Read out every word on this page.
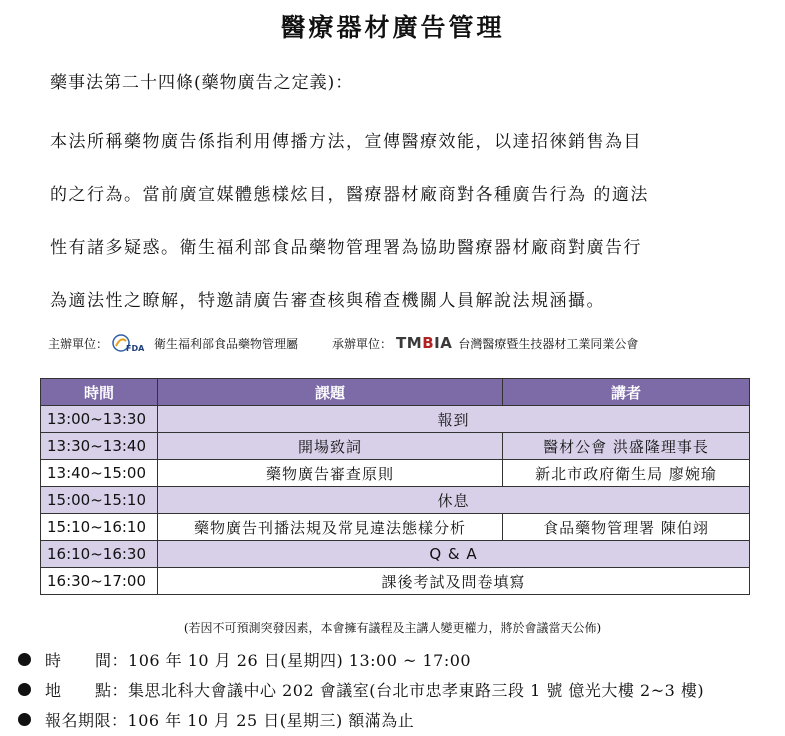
醫療器材廣告管理
藥事法第二十四條(藥物廣告之定義)：
本法所稱藥物廣告係指利用傳播方法，宣傳醫療效能，以達招徠銷售為目
的之行為。當前廣宣媒體態樣炫目，醫療器材廠商對各種廣告行為 的適法
性有諸多疑惑。衛生福利部食品藥物管理署為協助醫療器材廠商對廣告行
為適法性之瞭解，特邀請廣告審查核與稽查機關人員解說法規涵攝。
主辦單位： FDA 衛生福利部食品藥物管理屬	承辦單位： TMBIA 台灣醫療暨生技器材工業同業公會
時間	課題	講者
13:00~13:30	報到	
13:30~13:40	開場致詞	醫材公會 洪盛隆理事長
13:40~15:00	藥物廣告審查原則	新北市政府衛生局 廖婉瑜
15:00~15:10	休息	
15:10~16:10	藥物廣告刊播法規及常見違法態樣分析	食品藥物管理署 陳伯翊
16:10~16:30	Q & A	
16:30~17:00	課後考試及問卷填寫	
(若因不可預測突發因素，本會擁有議程及主講人變更權力，將於會議當天公佈)
時      間： 106 年 10 月 26 日(星期四) 13:00 ~ 17:00
地      點： 集思北科大會議中心 202 會議室(台北市忠孝東路三段 1 號 億光大樓 2~3 樓)
報名期限： 106 年 10 月 25 日(星期三) 額滿為止
